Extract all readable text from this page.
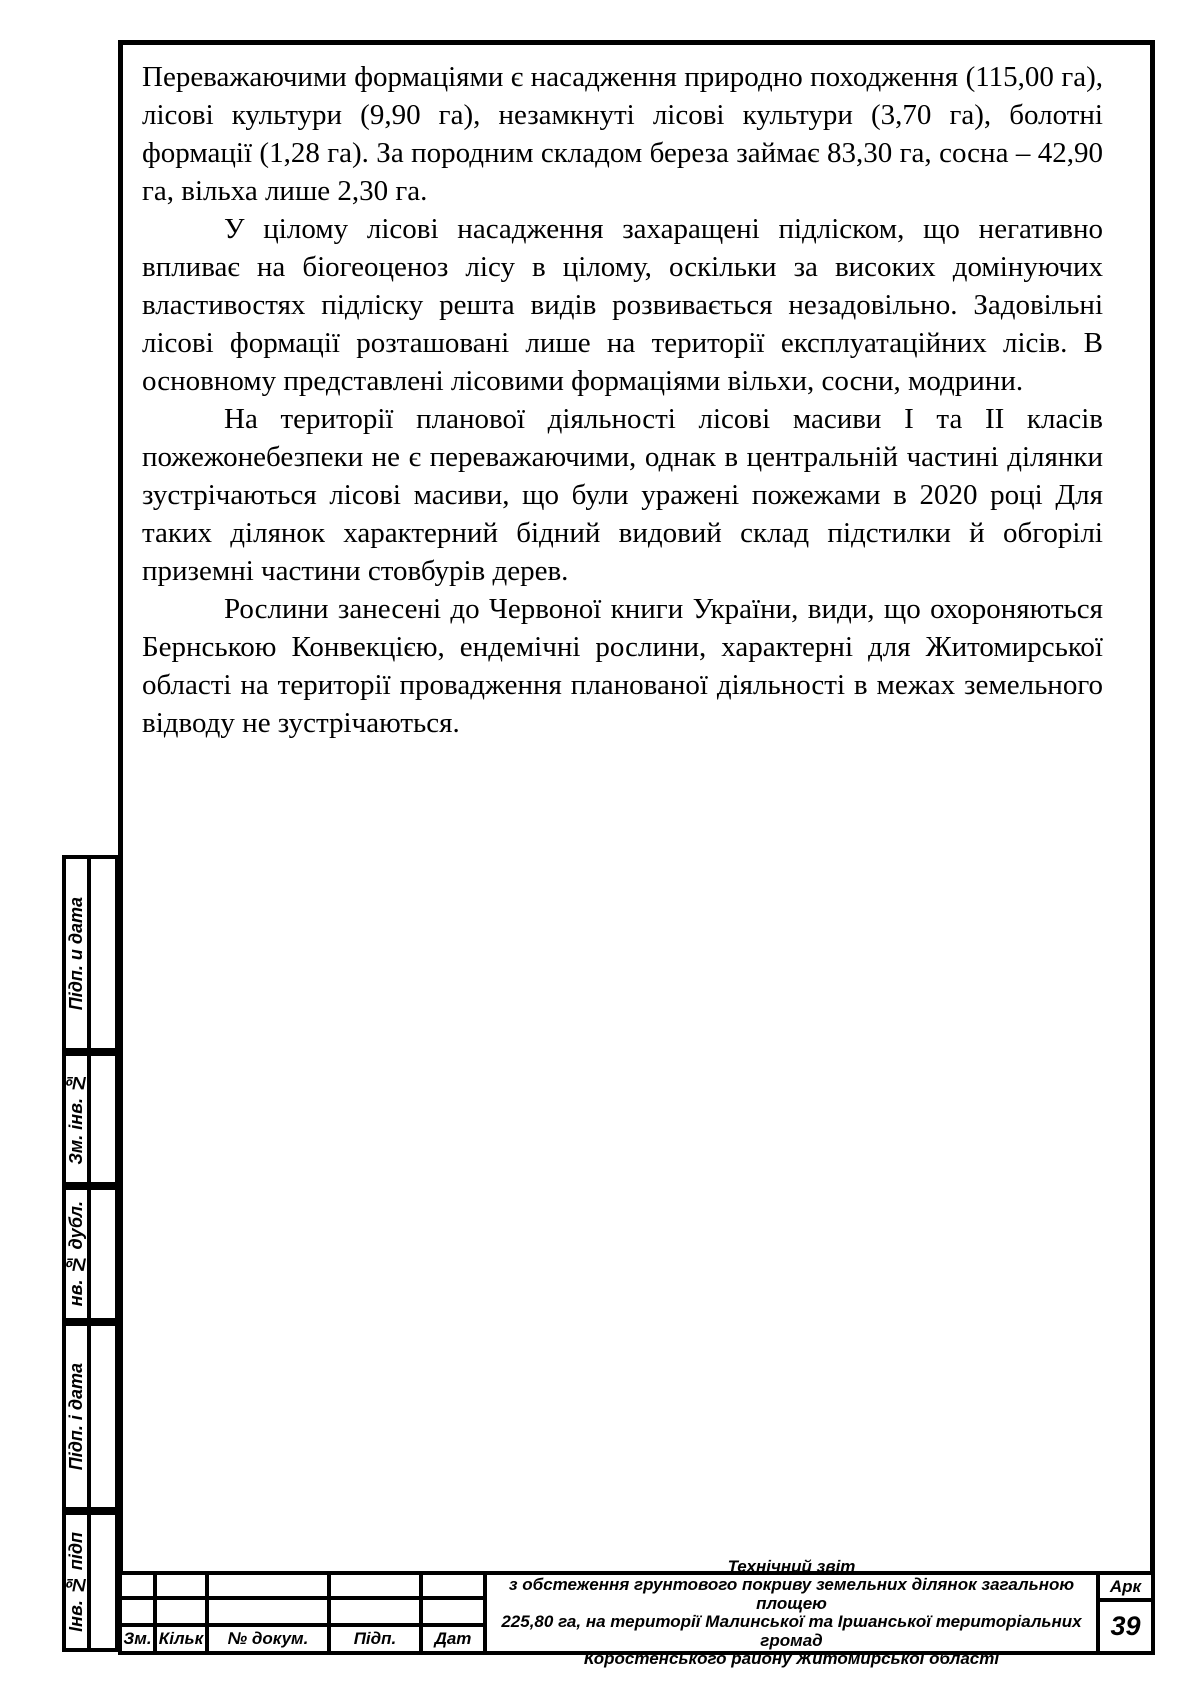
Переважаючими формаціями є насадження природно походження (115,00 га), лісові культури (9,90 га), незамкнуті лісові культури (3,70 га), болотні формації (1,28 га). За породним складом береза займає 83,30 га, сосна – 42,90 га, вільха лише 2,30 га.

У цілому лісові насадження захаращені підліском, що негативно впливає на біогеоценоз лісу в цілому, оскільки за високих домінуючих властивостях підліску решта видів розвивається незадовільно. Задовільні лісові формації розташовані лише на території експлуатаційних лісів. В основному представлені лісовими формаціями вільхи, сосни, модрини.

На території планової діяльності лісові масиви І та ІІ класів пожежонебезпеки не є переважаючими, однак в центральній частині ділянки зустрічаються лісові масиви, що були уражені пожежами в 2020 році Для таких ділянок характерний бідний видовий склад підстилки й обгорілі приземні частини стовбурів дерев.

Рослини занесені до Червоної книги України, види, що охороняються Бернською Конвекцією, ендемічні рослини, характерні для Житомирської області на території провадження планованої діяльності в межах земельного відводу не зустрічаються.

Підп. и дата
Зм. інв. №
нв. № дубл.
Підп. і дата
Інв. № підп
Зм. Кільк	№ докум.	Підп.	Дат
Технічний звіт
з обстеження грунтового покриву земельних ділянок загальною площею
225,80 га, на території Малинської та Іршанської територіальних громад
Коростенського району Житомирської області
Арк
39
